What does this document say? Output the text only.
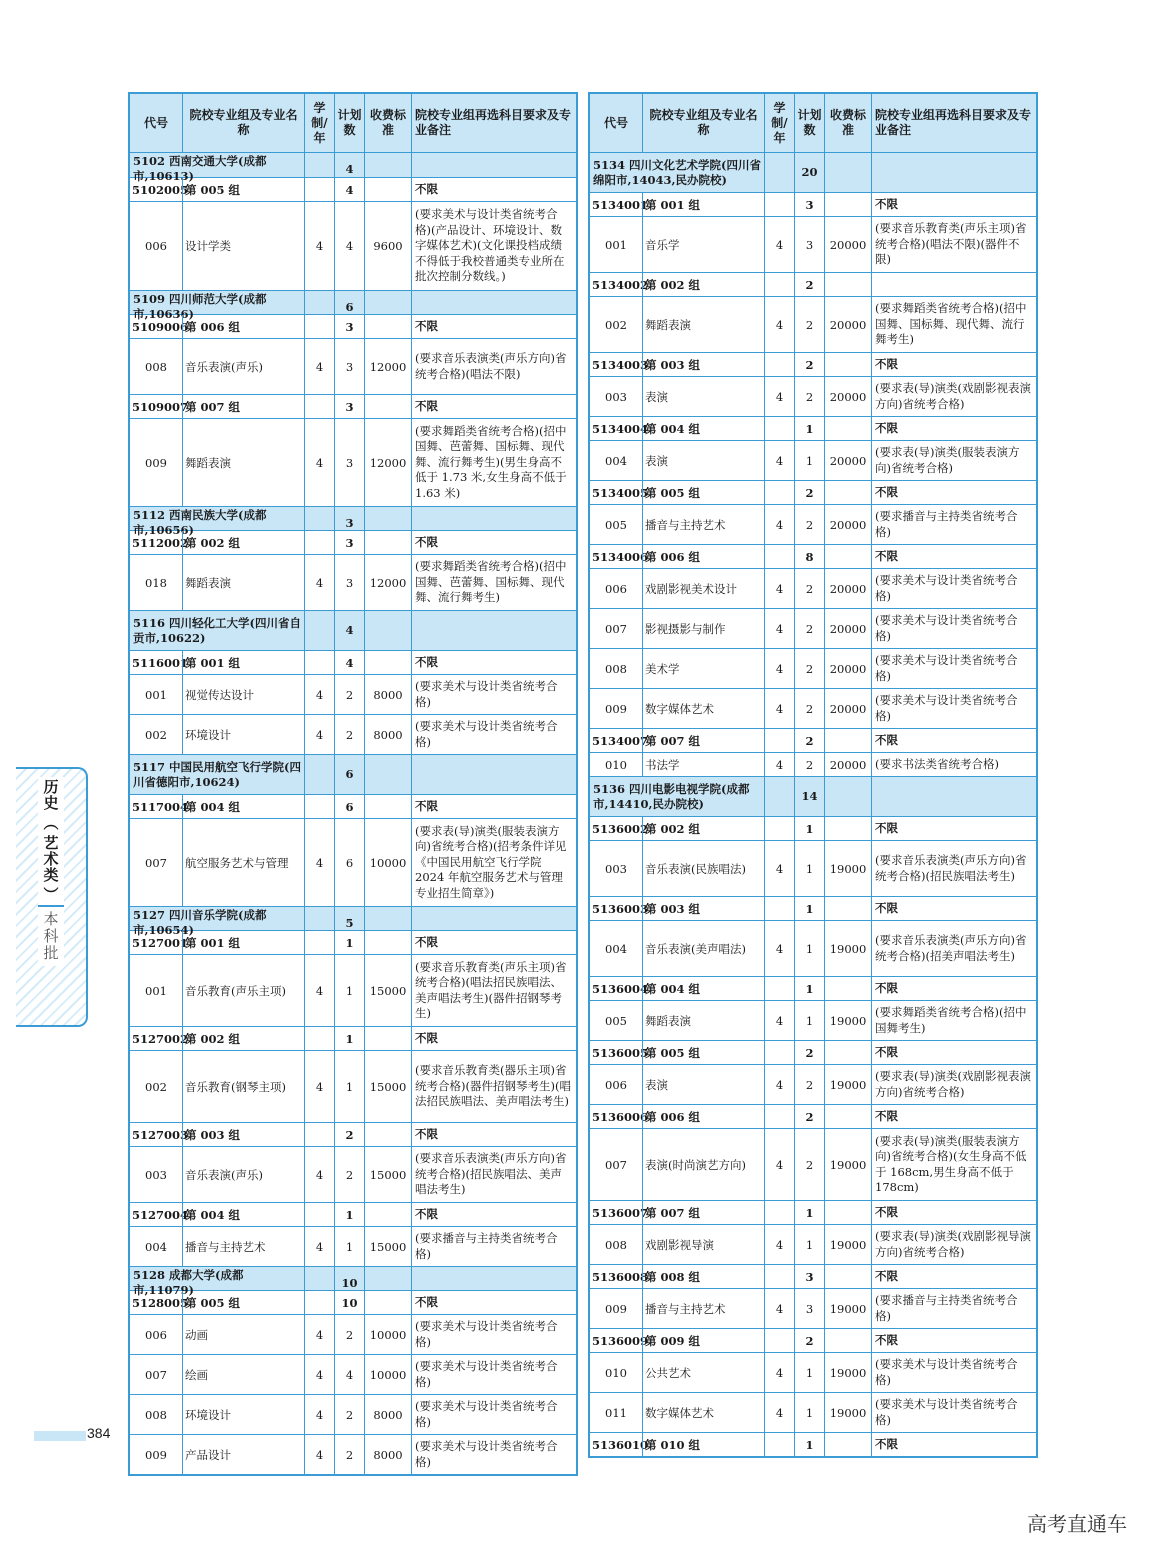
代号
院校专业组及专业名称
学制/年
计划数
收费标准
院校专业组再选科目要求及专业备注
5102 西南交通大学(成都市,10613)
4
5102005
第 005 组	4	不限
006	设计学类	4	4	9600
(要求美术与设计类省统考合格)(产品设计、环境设计、数字媒体艺术)(文化课投档成绩不得低于我校普通类专业所在批次控制分数线。)
5109 四川师范大学(成都市,10636)
6
5109006
第 006 组	3	不限
008	音乐表演(声乐)	4	3	12000
(要求音乐表演类(声乐方向)省统考合格)(唱法不限)
5109007
第 007 组	3	不限
009	舞蹈表演	4	3	12000
(要求舞蹈类省统考合格)(招中国舞、芭蕾舞、国标舞、现代舞、流行舞考生)(男生身高不低于 1.73 米,女生身高不低于 1.63 米)
5112 西南民族大学(成都市,10656)
3
5112002
第 002 组	3	不限
018	舞蹈表演	4	3	12000
(要求舞蹈类省统考合格)(招中国舞、芭蕾舞、国标舞、现代舞、流行舞考生)
5116 四川轻化工大学(四川省自贡市,10622)
4
5116001
第 001 组	4	不限
001	视觉传达设计	4	2	8000
(要求美术与设计类省统考合格)
002	环境设计	4	2	8000
(要求美术与设计类省统考合格)
5117 中国民用航空飞行学院(四川省德阳市,10624)
6
5117004
第 004 组	6	不限
007	航空服务艺术与管理	4	6	10000
(要求表(导)演类(服装表演方向)省统考合格)(招考条件详见《中国民用航空飞行学院 2024 年航空服务艺术与管理专业招生简章》)
5127 四川音乐学院(成都市,10654)
5
5127001
第 001 组	1	不限
001	音乐教育(声乐主项)	4	1	15000
(要求音乐教育类(声乐主项)省统考合格)(唱法招民族唱法、美声唱法考生)(器件招钢琴考生)
5127002
第 002 组	1	不限
002	音乐教育(钢琴主项)	4	1	15000
(要求音乐教育类(器乐主项)省统考合格)(器件招钢琴考生)(唱法招民族唱法、美声唱法考生)
5127003
第 003 组	2	不限
003	音乐表演(声乐)	4	2	15000
(要求音乐表演类(声乐方向)省统考合格)(招民族唱法、美声唱法考生)
5127004
第 004 组	1	不限
004	播音与主持艺术	4	1	15000
(要求播音与主持类省统考合格)
5128 成都大学(成都市,11079)
10
5128005
第 005 组	10	不限
006	动画	4	2	10000
(要求美术与设计类省统考合格)
007	绘画	4	4	10000
(要求美术与设计类省统考合格)
008	环境设计	4	2	8000
(要求美术与设计类省统考合格)
009	产品设计	4	2	8000
(要求美术与设计类省统考合格)
代号
院校专业组及专业名称
学制/年
计划数
收费标准
院校专业组再选科目要求及专业备注
5134 四川文化艺术学院(四川省绵阳市,14043,民办院校)
20
5134001
第 001 组	3	不限
001	音乐学	4	3	20000
(要求音乐教育类(声乐主项)省统考合格)(唱法不限)(器件不限)
5134002
第 002 组	2
002	舞蹈表演	4	2	20000
(要求舞蹈类省统考合格)(招中国舞、国标舞、现代舞、流行舞考生)
5134003
第 003 组	2	不限
003	表演	4	2	20000
(要求表(导)演类(戏剧影视表演方向)省统考合格)
5134004
第 004 组	1	不限
004	表演	4	1	20000
(要求表(导)演类(服装表演方向)省统考合格)
5134005
第 005 组	2	不限
005	播音与主持艺术	4	2	20000
(要求播音与主持类省统考合格)
5134006
第 006 组	8	不限
006	戏剧影视美术设计	4	2	20000
(要求美术与设计类省统考合格)
007	影视摄影与制作	4	2	20000
(要求美术与设计类省统考合格)
008	美术学	4	2	20000
(要求美术与设计类省统考合格)
009	数字媒体艺术	4	2	20000
(要求美术与设计类省统考合格)
5134007
第 007 组	2	不限
010	书法学	4	2	20000 (要求书法类省统考合格)
5136 四川电影电视学院(成都市,14410,民办院校)
14
5136002
第 002 组	1	不限
003	音乐表演(民族唱法)	4	1	19000
(要求音乐表演类(声乐方向)省统考合格)(招民族唱法考生)
5136003
第 003 组	1	不限
004	音乐表演(美声唱法)	4	1	19000
(要求音乐表演类(声乐方向)省统考合格)(招美声唱法考生)
5136004
第 004 组	1	不限
005	舞蹈表演	4	1	19000
(要求舞蹈类省统考合格)(招中国舞考生)
5136005
第 005 组	2	不限
006	表演	4	2	19000
(要求表(导)演类(戏剧影视表演方向)省统考合格)
5136006
第 006 组	2	不限
007	表演(时尚演艺方向)	4	2	19000
(要求表(导)演类(服装表演方向)省统考合格)(女生身高不低于 168cm,男生身高不低于 178cm)
5136007
第 007 组	1	不限
008	戏剧影视导演	4	1	19000
(要求表(导)演类(戏剧影视导演方向)省统考合格)
5136008
第 008 组	3	不限
009	播音与主持艺术	4	3	19000
(要求播音与主持类省统考合格)
5136009
第 009 组	2	不限
010	公共艺术	4	1	19000
(要求美术与设计类省统考合格)
011	数字媒体艺术	4	1	19000
(要求美术与设计类省统考合格)
5136010
第 010 组	1	不限
历史
（
艺术类
）
本科批
384
高考直通车
